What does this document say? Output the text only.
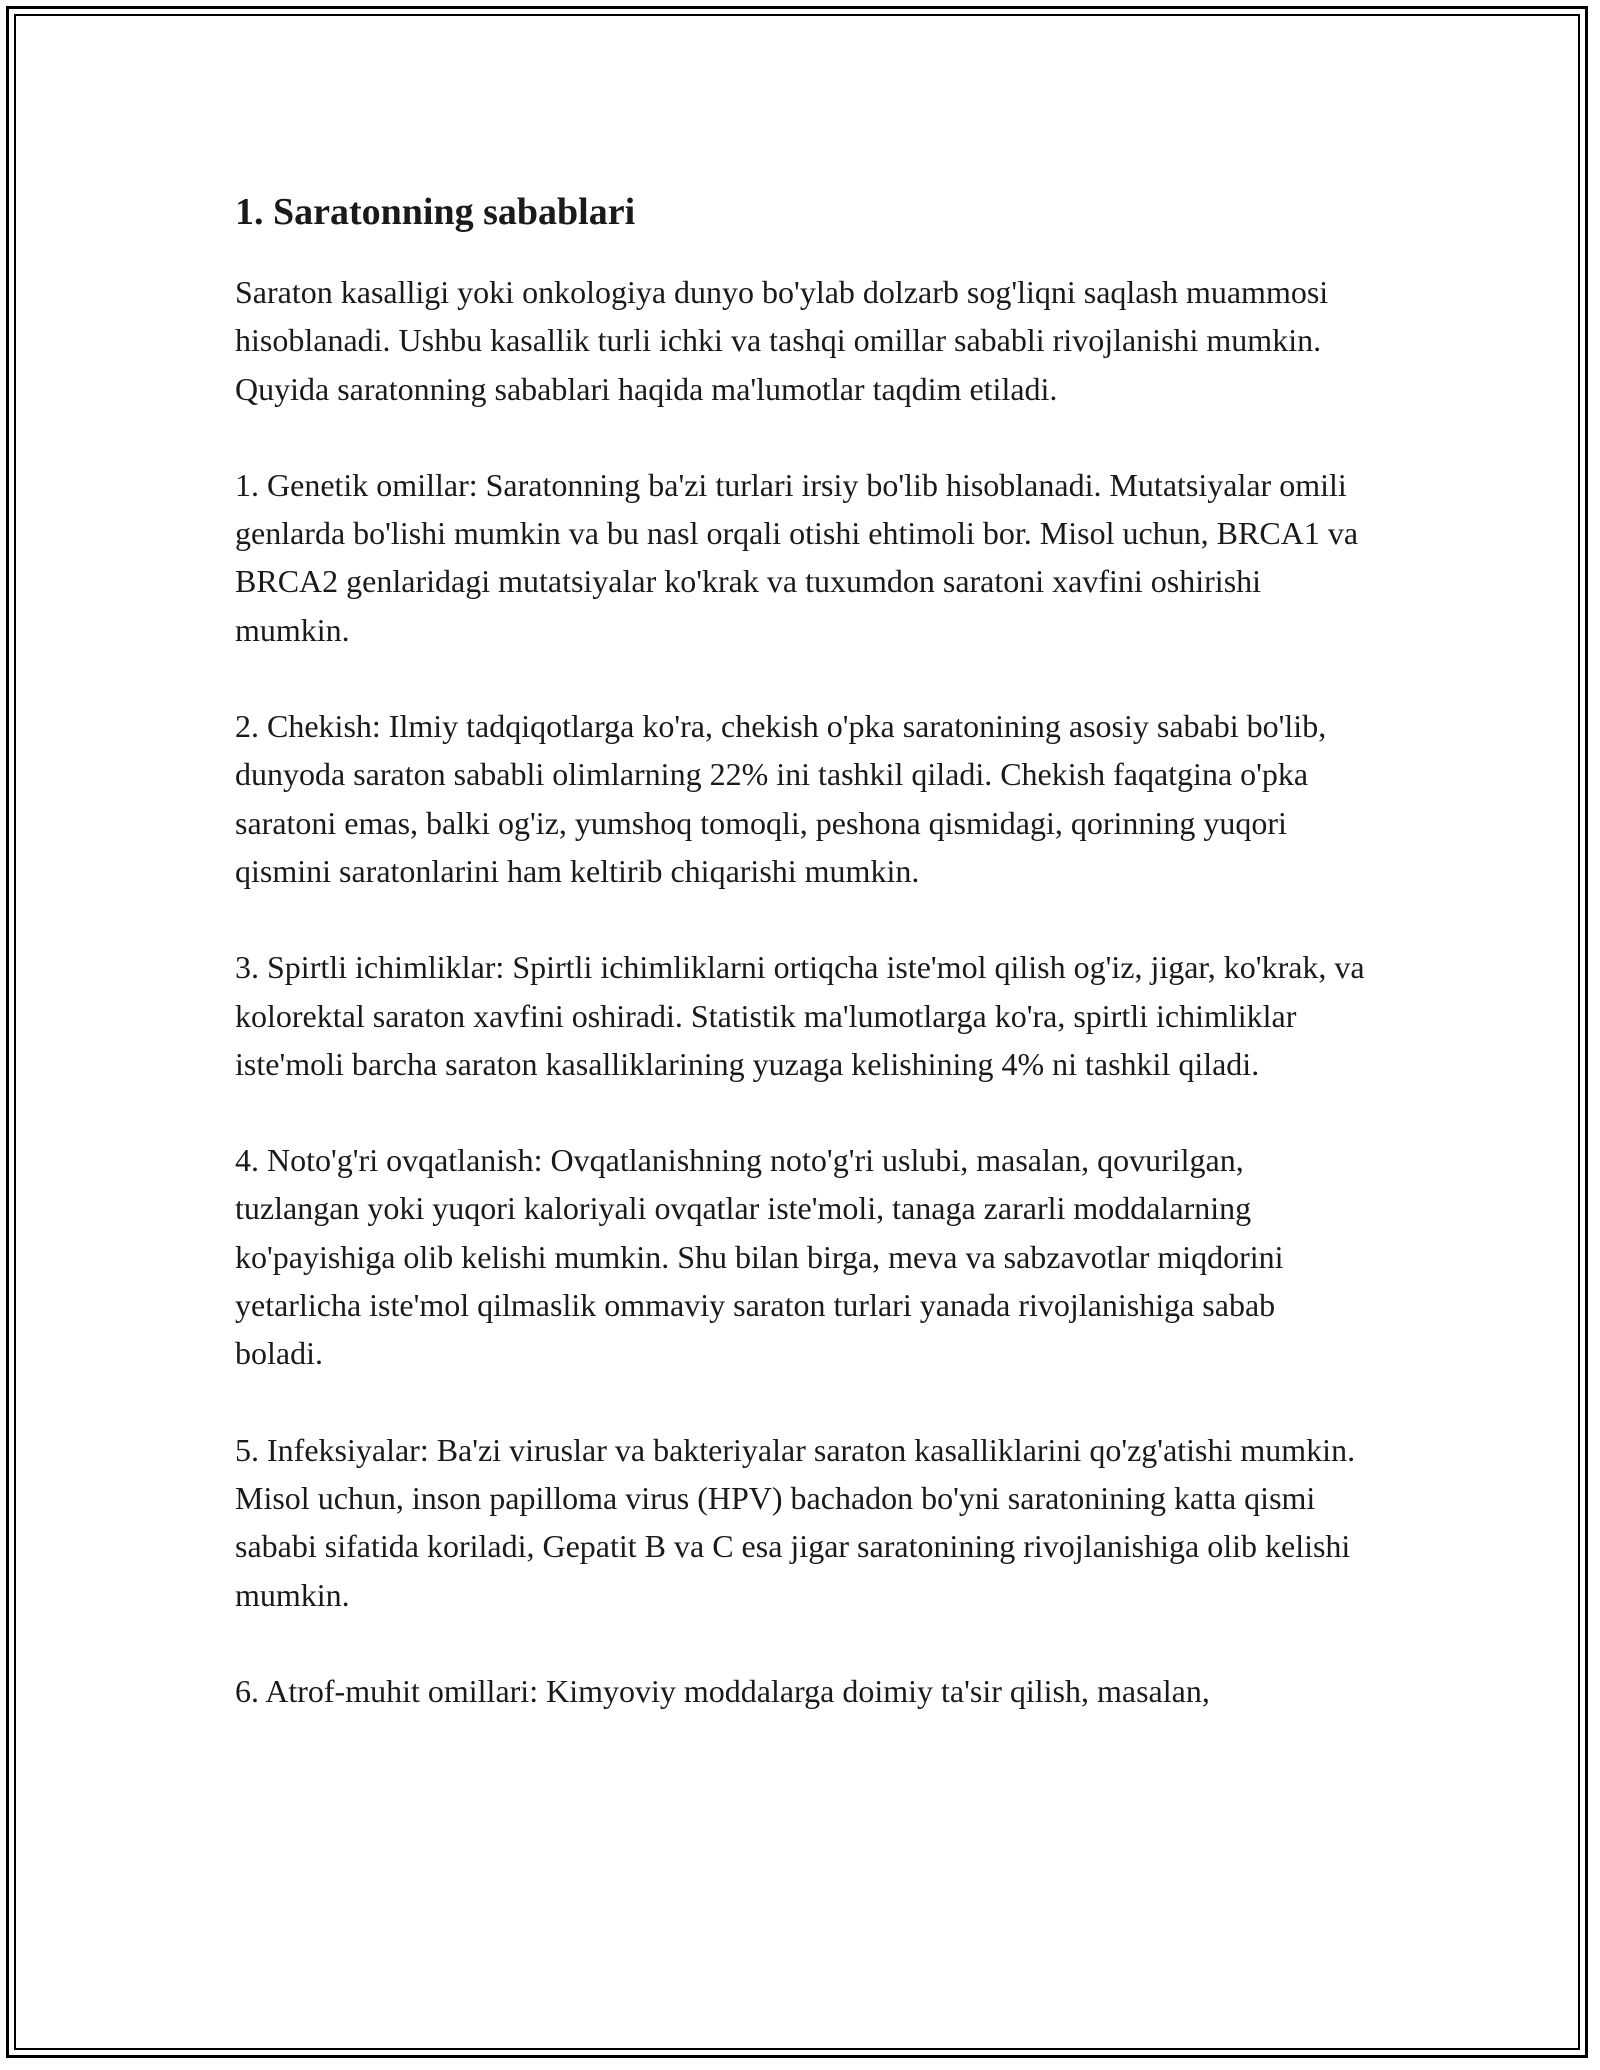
1. Saratonning sabablari

Saraton kasalligi yoki onkologiya dunyo bo'ylab dolzarb sog'liqni saqlash muammosi hisoblanadi. Ushbu kasallik turli ichki va tashqi omillar sababli rivojlanishi mumkin. Quyida saratonning sabablari haqida ma'lumotlar taqdim etiladi.

1. Genetik omillar: Saratonning ba'zi turlari irsiy bo'lib hisoblanadi. Mutatsiyalar omili genlarda bo'lishi mumkin va bu nasl orqali otishi ehtimoli bor. Misol uchun, BRCA1 va BRCA2 genlaridagi mutatsiyalar ko'krak va tuxumdon saratoni xavfini oshirishi mumkin.

2. Chekish: Ilmiy tadqiqotlarga ko'ra, chekish o'pka saratonining asosiy sababi bo'lib, dunyoda saraton sababli olimlarning 22% ini tashkil qiladi. Chekish faqatgina o'pka saratoni emas, balki og'iz, yumshoq tomoqli, peshona qismidagi, qorinning yuqori qismini saratonlarini ham keltirib chiqarishi mumkin.

3. Spirtli ichimliklar: Spirtli ichimliklarni ortiqcha iste'mol qilish og'iz, jigar, ko'krak, va kolorektal saraton xavfini oshiradi. Statistik ma'lumotlarga ko'ra, spirtli ichimliklar iste'moli barcha saraton kasalliklarining yuzaga kelishining 4% ni tashkil qiladi.

4. Noto'g'ri ovqatlanish: Ovqatlanishning noto'g'ri uslubi, masalan, qovurilgan, tuzlangan yoki yuqori kaloriyali ovqatlar iste'moli, tanaga zararli moddalarning ko'payishiga olib kelishi mumkin. Shu bilan birga, meva va sabzavotlar miqdorini yetarlicha iste'mol qilmaslik ommaviy saraton turlari yanada rivojlanishiga sabab boladi.

5. Infeksiyalar: Ba'zi viruslar va bakteriyalar saraton kasalliklarini qo'zg'atishi mumkin. Misol uchun, inson papilloma virus (HPV) bachadon bo'yni saratonining katta qismi sababi sifatida koriladi, Gepatit B va C esa jigar saratonining rivojlanishiga olib kelishi mumkin.

6. Atrof-muhit omillari: Kimyoviy moddalarga doimiy ta'sir qilish, masalan,
